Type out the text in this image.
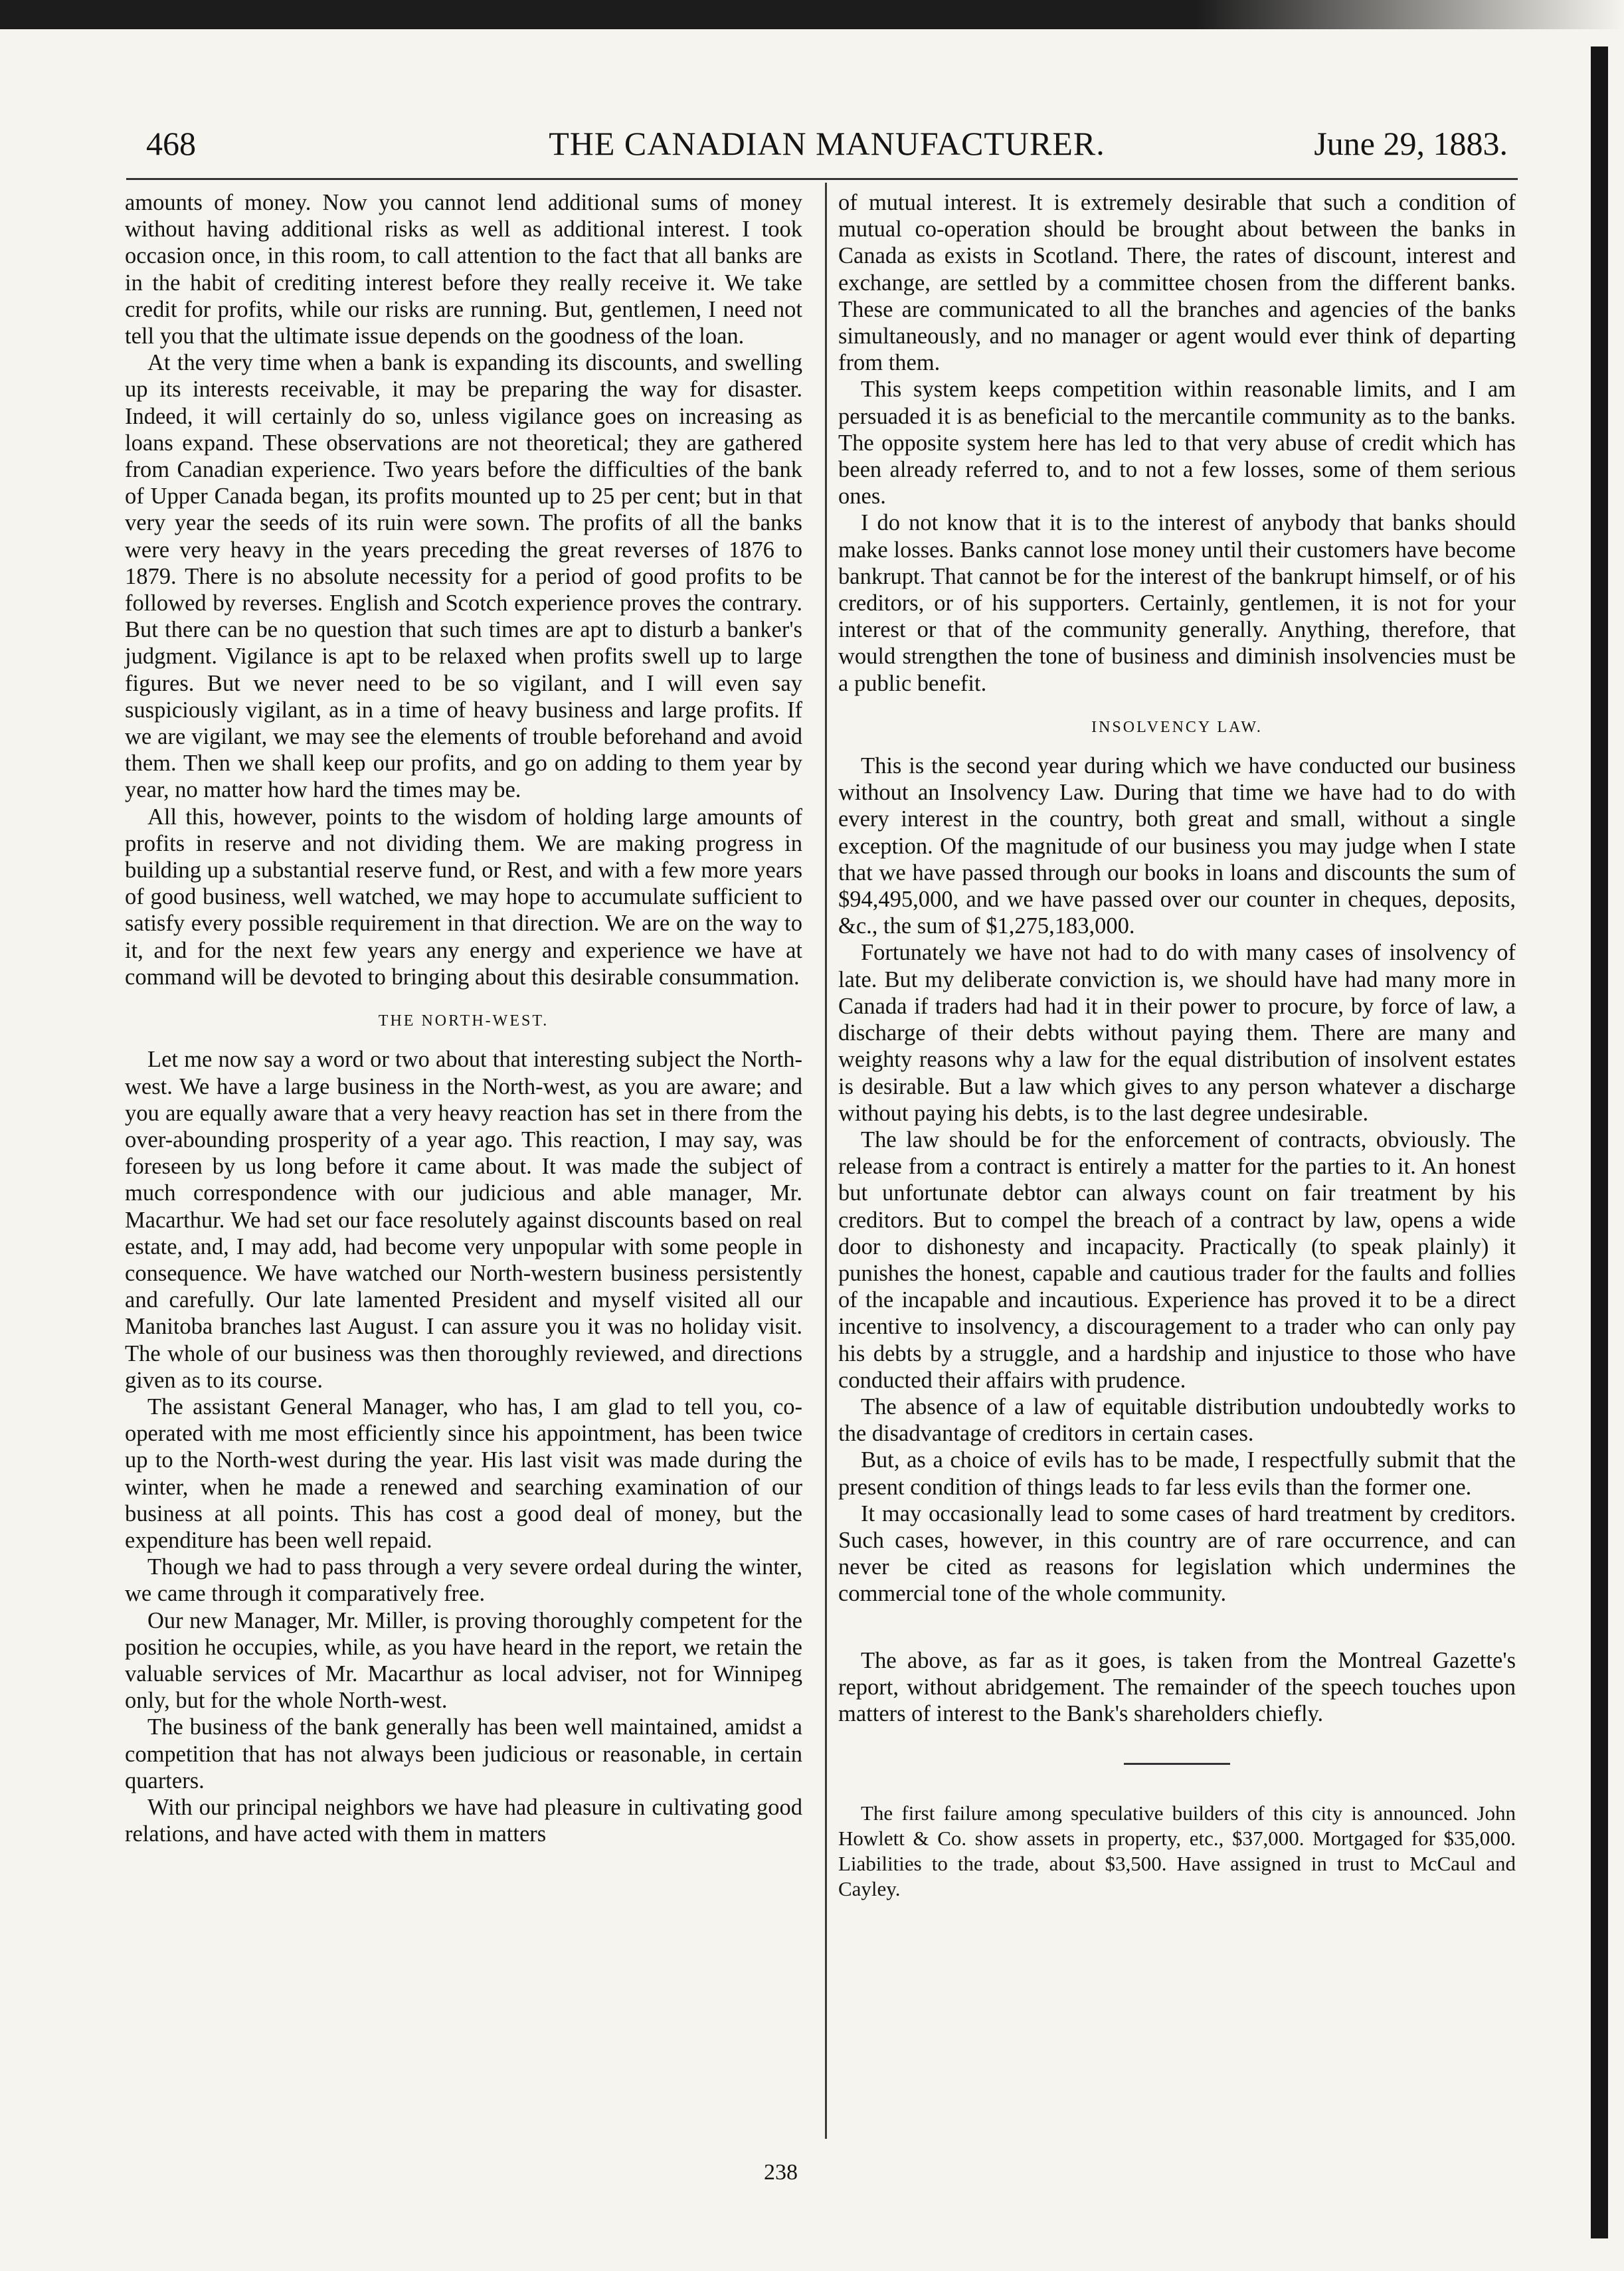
468	THE CANADIAN MANUFACTURER.	June 29, 1883.

amounts of money. Now you cannot lend additional sums of money without having additional risks as well as additional interest. I took occasion once, in this room, to call attention to the fact that all banks are in the habit of crediting interest before they really receive it. We take credit for profits, while our risks are running. But, gentlemen, I need not tell you that the ultimate issue depends on the goodness of the loan.

At the very time when a bank is expanding its discounts, and swelling up its interests receivable, it may be preparing the way for disaster. Indeed, it will certainly do so, unless vigilance goes on increasing as loans expand. These observations are not theoretical; they are gathered from Canadian experience. Two years before the difficulties of the bank of Upper Canada began, its profits mounted up to 25 per cent; but in that very year the seeds of its ruin were sown. The profits of all the banks were very heavy in the years preceding the great reverses of 1876 to 1879. There is no absolute necessity for a period of good profits to be followed by reverses. English and Scotch experience proves the contrary. But there can be no question that such times are apt to disturb a banker's judgment. Vigilance is apt to be relaxed when profits swell up to large figures. But we never need to be so vigilant, and I will even say suspiciously vigilant, as in a time of heavy business and large profits. If we are vigilant, we may see the elements of trouble beforehand and avoid them. Then we shall keep our profits, and go on adding to them year by year, no matter how hard the times may be.

All this, however, points to the wisdom of holding large amounts of profits in reserve and not dividing them. We are making progress in building up a substantial reserve fund, or Rest, and with a few more years of good business, well watched, we may hope to accumulate sufficient to satisfy every possible requirement in that direction. We are on the way to it, and for the next few years any energy and experience we have at command will be devoted to bringing about this desirable consummation.

THE NORTH-WEST.

Let me now say a word or two about that interesting subject the North-west. We have a large business in the North-west, as you are aware; and you are equally aware that a very heavy reaction has set in there from the over-abounding prosperity of a year ago. This reaction, I may say, was foreseen by us long before it came about. It was made the subject of much correspondence with our judicious and able manager, Mr. Macarthur. We had set our face resolutely against discounts based on real estate, and, I may add, had become very unpopular with some people in consequence. We have watched our North-western business persistently and carefully. Our late lamented President and myself visited all our Manitoba branches last August. I can assure you it was no holiday visit. The whole of our business was then thoroughly reviewed, and directions given as to its course.

The assistant General Manager, who has, I am glad to tell you, co-operated with me most efficiently since his appointment, has been twice up to the North-west during the year. His last visit was made during the winter, when he made a renewed and searching examination of our business at all points. This has cost a good deal of money, but the expenditure has been well repaid.

Though we had to pass through a very severe ordeal during the winter, we came through it comparatively free.

Our new Manager, Mr. Miller, is proving thoroughly competent for the position he occupies, while, as you have heard in the report, we retain the valuable services of Mr. Macarthur as local adviser, not for Winnipeg only, but for the whole North-west.

The business of the bank generally has been well maintained, amidst a competition that has not always been judicious or reasonable, in certain quarters.

With our principal neighbors we have had pleasure in cultivating good relations, and have acted with them in matters

of mutual interest. It is extremely desirable that such a condition of mutual co-operation should be brought about between the banks in Canada as exists in Scotland. There, the rates of discount, interest and exchange, are settled by a committee chosen from the different banks. These are communicated to all the branches and agencies of the banks simultaneously, and no manager or agent would ever think of departing from them.

This system keeps competition within reasonable limits, and I am persuaded it is as beneficial to the mercantile community as to the banks. The opposite system here has led to that very abuse of credit which has been already referred to, and to not a few losses, some of them serious ones.

I do not know that it is to the interest of anybody that banks should make losses. Banks cannot lose money until their customers have become bankrupt. That cannot be for the interest of the bankrupt himself, or of his creditors, or of his supporters. Certainly, gentlemen, it is not for your interest or that of the community generally. Anything, therefore, that would strengthen the tone of business and diminish insolvencies must be a public benefit.

INSOLVENCY LAW.

This is the second year during which we have conducted our business without an Insolvency Law. During that time we have had to do with every interest in the country, both great and small, without a single exception. Of the magnitude of our business you may judge when I state that we have passed through our books in loans and discounts the sum of $94,495,000, and we have passed over our counter in cheques, deposits, &c., the sum of $1,275,183,000.

Fortunately we have not had to do with many cases of insolvency of late. But my deliberate conviction is, we should have had many more in Canada if traders had had it in their power to procure, by force of law, a discharge of their debts without paying them. There are many and weighty reasons why a law for the equal distribution of insolvent estates is desirable. But a law which gives to any person whatever a discharge without paying his debts, is to the last degree undesirable.

The law should be for the enforcement of contracts, obviously. The release from a contract is entirely a matter for the parties to it. An honest but unfortunate debtor can always count on fair treatment by his creditors. But to compel the breach of a contract by law, opens a wide door to dishonesty and incapacity. Practically (to speak plainly) it punishes the honest, capable and cautious trader for the faults and follies of the incapable and incautious. Experience has proved it to be a direct incentive to insolvency, a discouragement to a trader who can only pay his debts by a struggle, and a hardship and injustice to those who have conducted their affairs with prudence.

The absence of a law of equitable distribution undoubtedly works to the disadvantage of creditors in certain cases.

But, as a choice of evils has to be made, I respectfully submit that the present condition of things leads to far less evils than the former one.

It may occasionally lead to some cases of hard treatment by creditors. Such cases, however, in this country are of rare occurrence, and can never be cited as reasons for legislation which undermines the commercial tone of the whole community.

The above, as far as it goes, is taken from the Montreal Gazette's report, without abridgement. The remainder of the speech touches upon matters of interest to the Bank's shareholders chiefly.

The first failure among speculative builders of this city is announced. John Howlett & Co. show assets in property, etc., $37,000. Mortgaged for $35,000. Liabilities to the trade, about $3,500. Have assigned in trust to McCaul and Cayley.

238
